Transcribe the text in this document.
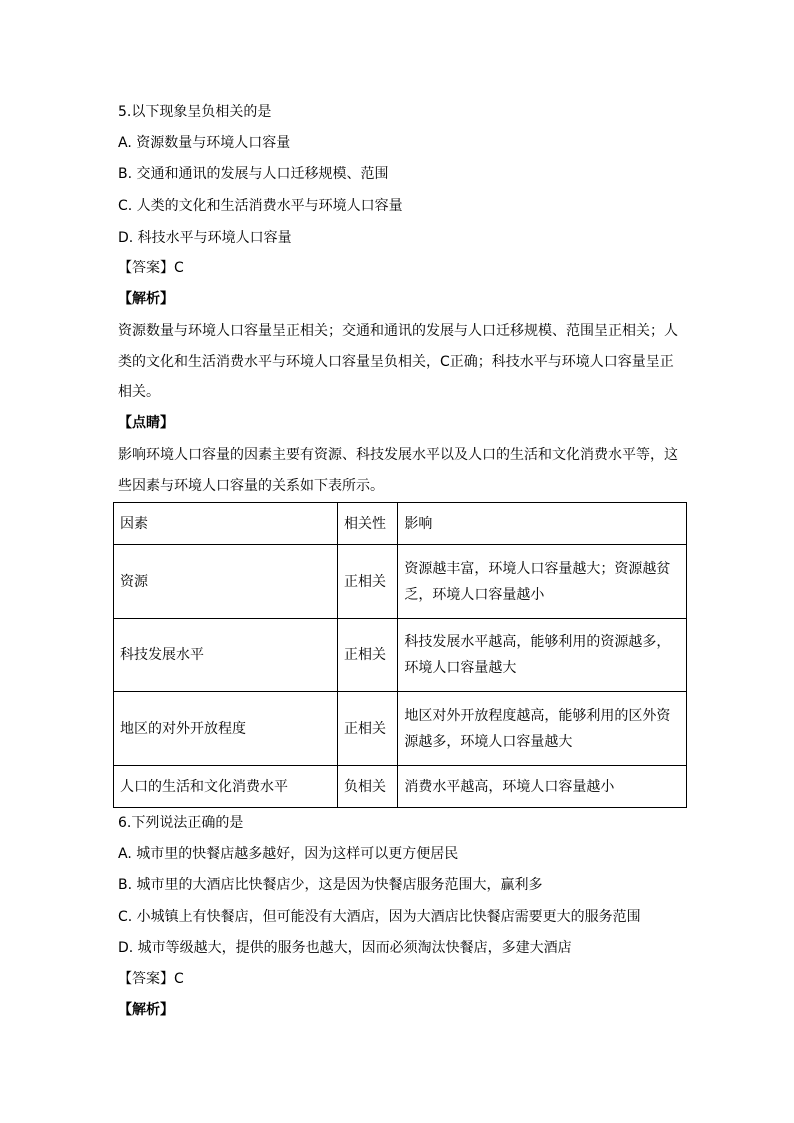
5.以下现象呈负相关的是
A. 资源数量与环境人口容量
B. 交通和通讯的发展与人口迁移规模、范围
C. 人类的文化和生活消费水平与环境人口容量
D. 科技水平与环境人口容量
【答案】C
【解析】
资源数量与环境人口容量呈正相关；交通和通讯的发展与人口迁移规模、范围呈正相关；人
类的文化和生活消费水平与环境人口容量呈负相关，C正确；科技水平与环境人口容量呈正
相关。
【点睛】
影响环境人口容量的因素主要有资源、科技发展水平以及人口的生活和文化消费水平等，这
些因素与环境人口容量的关系如下表所示。
因素	相关性	影响
资源	正相关	资源越丰富，环境人口容量越大；资源越贫
乏，环境人口容量越小

科技发展水平	正相关	科技发展水平越高，能够利用的资源越多，
环境人口容量越大

地区的对外开放程度	正相关	地区对外开放程度越高，能够利用的区外资
源越多，环境人口容量越大

人口的生活和文化消费水平	负相关	消费水平越高，环境人口容量越小
6.下列说法正确的是
A. 城市里的快餐店越多越好，因为这样可以更方便居民
B. 城市里的大酒店比快餐店少，这是因为快餐店服务范围大，赢利多
C. 小城镇上有快餐店，但可能没有大酒店，因为大酒店比快餐店需要更大的服务范围
D. 城市等级越大，提供的服务也越大，因而必须淘汰快餐店，多建大酒店
【答案】C
【解析】
